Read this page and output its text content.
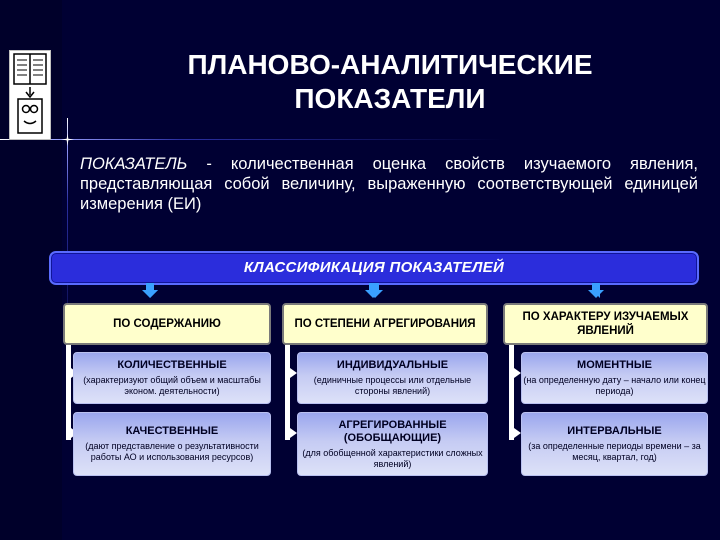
ПЛАНОВО-АНАЛИТИЧЕСКИЕ
ПОКАЗАТЕЛИ
ПОКАЗАТЕЛЬ - количественная оценка свойств изучаемого явления, представляющая собой величину, выраженную соответствующей единицей измерения (ЕИ)
КЛАССИФИКАЦИЯ ПОКАЗАТЕЛЕЙ
ПО СОДЕРЖАНИЮ
КОЛИЧЕСТВЕННЫЕ
(характеризуют общий объем и масштабы эконом. деятельности)
КАЧЕСТВЕННЫЕ
(дают представление о результативности работы АО и использования ресурсов)
ПО СТЕПЕНИ АГРЕГИРОВАНИЯ
ИНДИВИДУАЛЬНЫЕ
(единичные процессы или отдельные стороны явлений)
АГРЕГИРОВАННЫЕ (ОБОБЩАЮЩИЕ)
(для обобщенной характеристики сложных явлений)
ПО ХАРАКТЕРУ ИЗУЧАЕМЫХ ЯВЛЕНИЙ
МОМЕНТНЫЕ
(на определенную дату – начало или конец периода)
ИНТЕРВАЛЬНЫЕ
(за определенные периоды времени – за месяц, квартал, год)
